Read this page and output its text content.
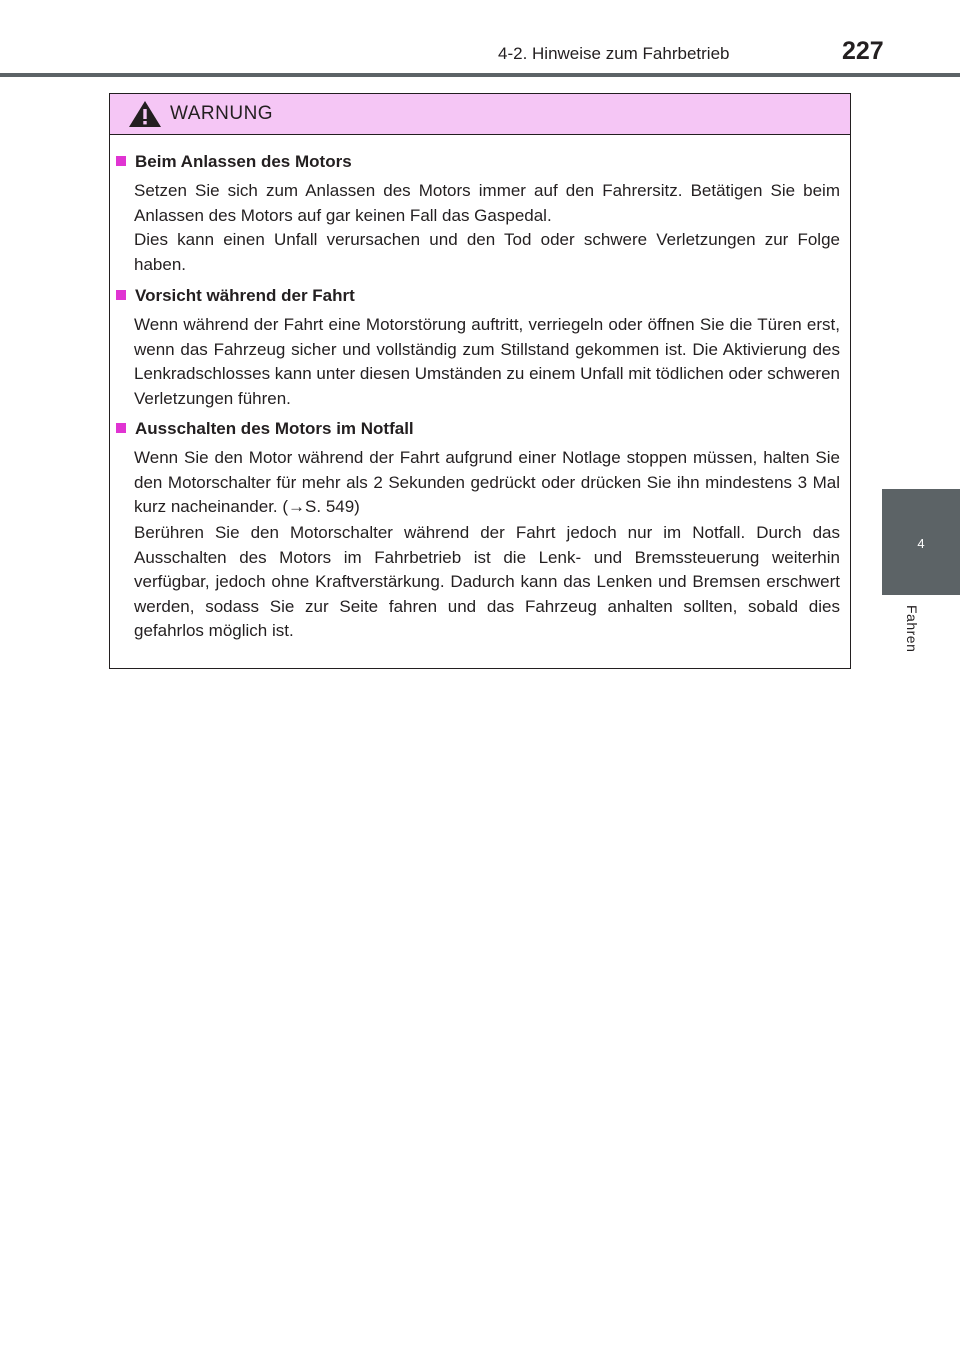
4-2. Hinweise zum Fahrbetrieb	227
4
Fahren
WARNUNG
Beim Anlassen des Motors
Setzen Sie sich zum Anlassen des Motors immer auf den Fahrersitz. Betätigen Sie beim Anlassen des Motors auf gar keinen Fall das Gaspedal.
Dies kann einen Unfall verursachen und den Tod oder schwere Verletzungen zur Folge haben.
Vorsicht während der Fahrt
Wenn während der Fahrt eine Motorstörung auftritt, verriegeln oder öffnen Sie die Türen erst, wenn das Fahrzeug sicher und vollständig zum Stillstand gekommen ist. Die Aktivierung des Lenkradschlosses kann unter diesen Umständen zu einem Unfall mit tödlichen oder schweren Verletzungen führen.
Ausschalten des Motors im Notfall
Wenn Sie den Motor während der Fahrt aufgrund einer Notlage stoppen müssen, halten Sie den Motorschalter für mehr als 2 Sekunden gedrückt oder drücken Sie ihn mindestens 3 Mal kurz nacheinander. (→S. 549)
Berühren Sie den Motorschalter während der Fahrt jedoch nur im Notfall. Durch das Ausschalten des Motors im Fahrbetrieb ist die Lenk- und Bremssteuerung weiterhin verfügbar, jedoch ohne Kraftverstärkung. Dadurch kann das Lenken und Bremsen erschwert werden, sodass Sie zur Seite fahren und das Fahrzeug anhalten sollten, sobald dies gefahrlos möglich ist.
